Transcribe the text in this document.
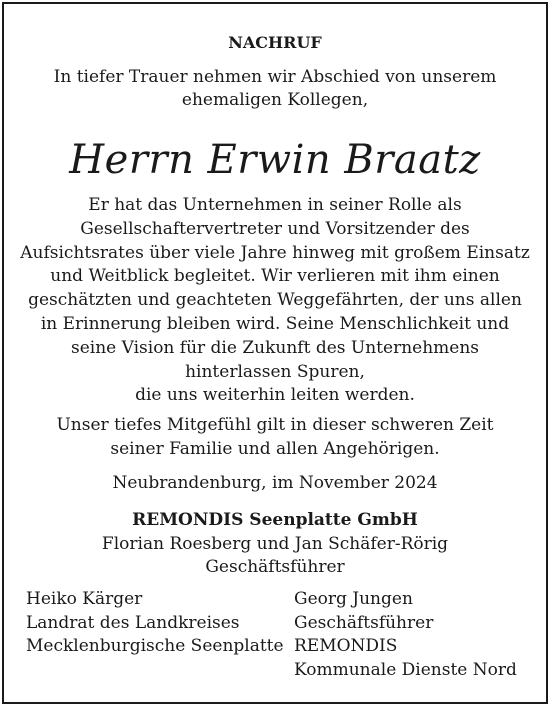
NACHRUF
In tiefer Trauer nehmen wir Abschied von unserem
ehemaligen Kollegen,
Herrn Erwin Braatz
Er hat das Unternehmen in seiner Rolle als
Gesellschaftervertreter und Vorsitzender des
Aufsichtsrates über viele Jahre hinweg mit großem Einsatz
und Weitblick begleitet. Wir verlieren mit ihm einen
geschätzten und geachteten Weggefährten, der uns allen
in Erinnerung bleiben wird. Seine Menschlichkeit und
seine Vision für die Zukunft des Unternehmens
hinterlassen Spuren,
die uns weiterhin leiten werden.
Unser tiefes Mitgefühl gilt in dieser schweren Zeit
seiner Familie und allen Angehörigen.
Neubrandenburg, im November 2024
REMONDIS Seenplatte GmbH
Florian Roesberg und Jan Schäfer-Rörig
Geschäftsführer
Heiko Kärger
Landrat des Landkreises
Mecklenburgische Seenplatte
Georg Jungen
Geschäftsführer
REMONDIS
Kommunale Dienste Nord
